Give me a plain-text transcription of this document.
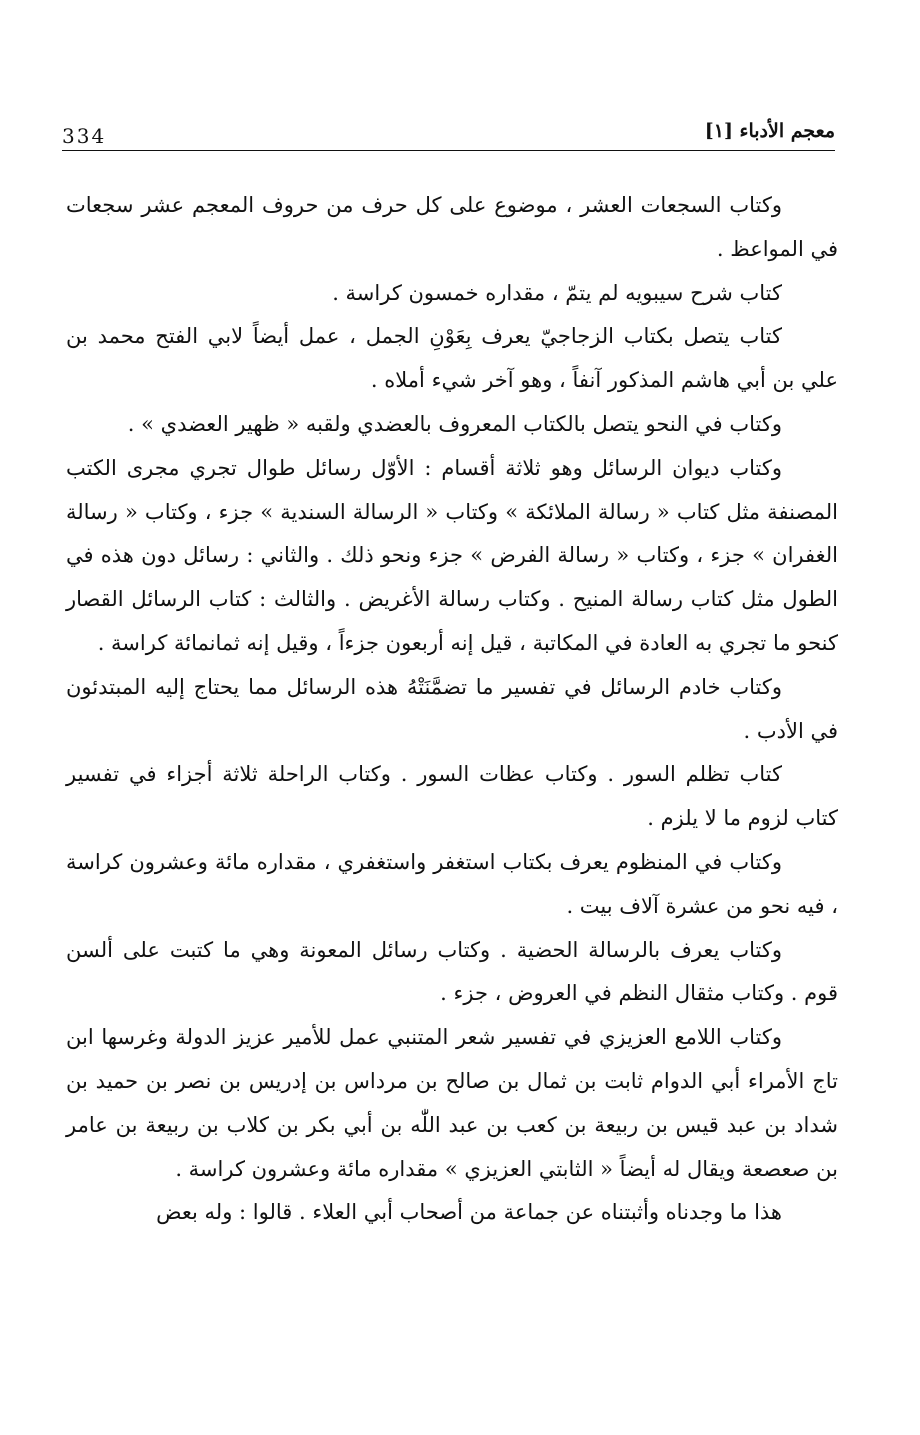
334	معجم الأدباء [١]

وكتاب السجعات العشر ، موضوع على كل حرف من حروف المعجم عشر سجعات في المواعظ .

كتاب شرح سيبويه لم يتمّ ، مقداره خمسون كراسة .

كتاب يتصل بكتاب الزجاجيّ يعرف بِعَوْنِ الجمل ، عمل أيضاً لابي الفتح محمد بن علي بن أبي هاشم المذكور آنفاً ، وهو آخر شيء أملاه .

وكتاب في النحو يتصل بالكتاب المعروف بالعضدي ولقبه « ظهير العضدي » .

وكتاب ديوان الرسائل وهو ثلاثة أقسام : الأوّل رسائل طوال تجري مجرى الكتب المصنفة مثل كتاب « رسالة الملائكة » وكتاب « الرسالة السندية » جزء ، وكتاب « رسالة الغفران » جزء ، وكتاب « رسالة الفرض » جزء ونحو ذلك . والثاني : رسائل دون هذه في الطول مثل كتاب رسالة المنيح . وكتاب رسالة الأغريض . والثالث : كتاب الرسائل القصار كنحو ما تجري به العادة في المكاتبة ، قيل إنه أربعون جزءاً ، وقيل إنه ثمانمائة كراسة .

وكتاب خادم الرسائل في تفسير ما تضمَّنَتْهُ هذه الرسائل مما يحتاج إليه المبتدئون في الأدب .

كتاب تظلم السور . وكتاب عظات السور . وكتاب الراحلة ثلاثة أجزاء في تفسير كتاب لزوم ما لا يلزم .

وكتاب في المنظوم يعرف بكتاب استغفر واستغفري ، مقداره مائة وعشرون كراسة ، فيه نحو من عشرة آلاف بيت .

وكتاب يعرف بالرسالة الحضية . وكتاب رسائل المعونة وهي ما كتبت على ألسن قوم . وكتاب مثقال النظم في العروض ، جزء .

وكتاب اللامع العزيزي في تفسير شعر المتنبي عمل للأمير عزيز الدولة وغرسها ابن تاج الأمراء أبي الدوام ثابت بن ثمال بن صالح بن مرداس بن إدريس بن نصر بن حميد بن شداد بن عبد قيس بن ربيعة بن كعب بن عبد اللّٰه بن أبي بكر بن كلاب بن ربيعة بن عامر بن صعصعة ويقال له أيضاً « الثابتي العزيزي » مقداره مائة وعشرون كراسة .

هذا ما وجدناه وأثبتناه عن جماعة من أصحاب أبي العلاء . قالوا : وله بعض
